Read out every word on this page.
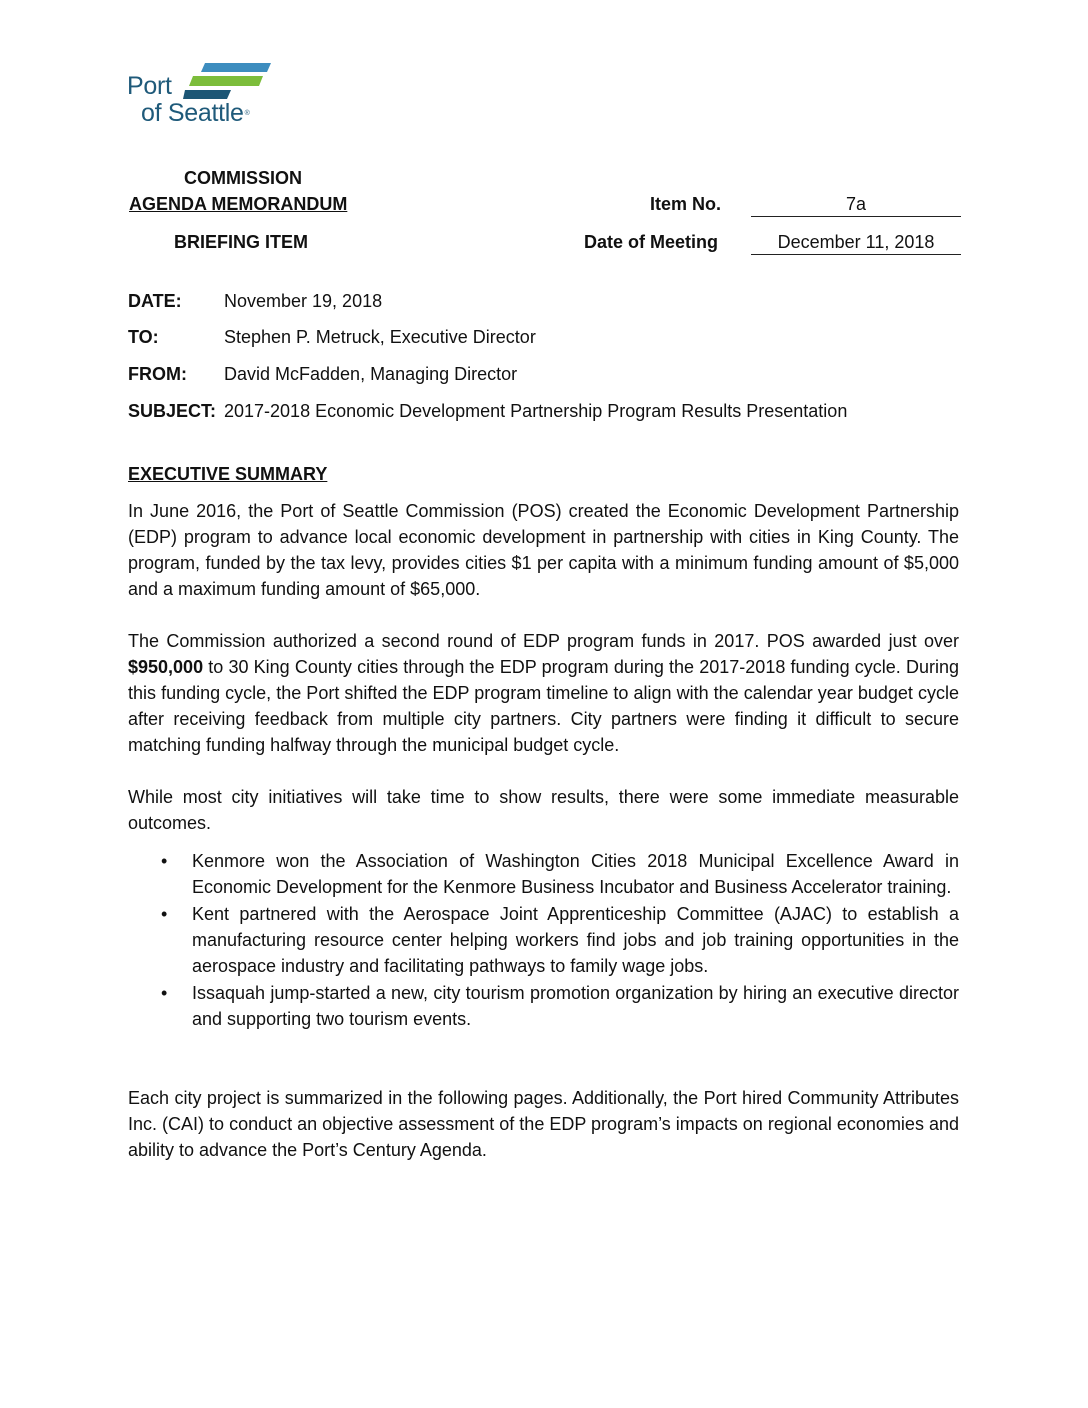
Port
of Seattle®
COMMISSION
AGENDA MEMORANDUM
BRIEFING ITEM
Item No.	7a
Date of Meeting	December 11, 2018
DATE: November 19, 2018
TO:	Stephen P. Metruck, Executive Director
FROM: David McFadden, Managing Director
SUBJECT: 2017-2018 Economic Development Partnership Program Results Presentation
EXECUTIVE SUMMARY

In June 2016, the Port of Seattle Commission (POS) created the Economic Development Partnership (EDP) program to advance local economic development in partnership with cities in King County. The program, funded by the tax levy, provides cities $1 per capita with a minimum funding amount of $5,000 and a maximum funding amount of $65,000.

The Commission authorized a second round of EDP program funds in 2017. POS awarded just over $950,000 to 30 King County cities through the EDP program during the 2017-2018 funding cycle. During this funding cycle, the Port shifted the EDP program timeline to align with the calendar year budget cycle after receiving feedback from multiple city partners. City partners were finding it difficult to secure matching funding halfway through the municipal budget cycle.

While most city initiatives will take time to show results, there were some immediate measurable outcomes.

• Kenmore won the Association of Washington Cities 2018 Municipal Excellence Award in Economic Development for the Kenmore Business Incubator and Business Accelerator training.
• Kent partnered with the Aerospace Joint Apprenticeship Committee (AJAC) to establish a manufacturing resource center helping workers find jobs and job training opportunities in the aerospace industry and facilitating pathways to family wage jobs.
• Issaquah jump-started a new, city tourism promotion organization by hiring an executive director and supporting two tourism events.

Each city project is summarized in the following pages. Additionally, the Port hired Community Attributes Inc. (CAI) to conduct an objective assessment of the EDP program’s impacts on regional economies and ability to advance the Port’s Century Agenda.
